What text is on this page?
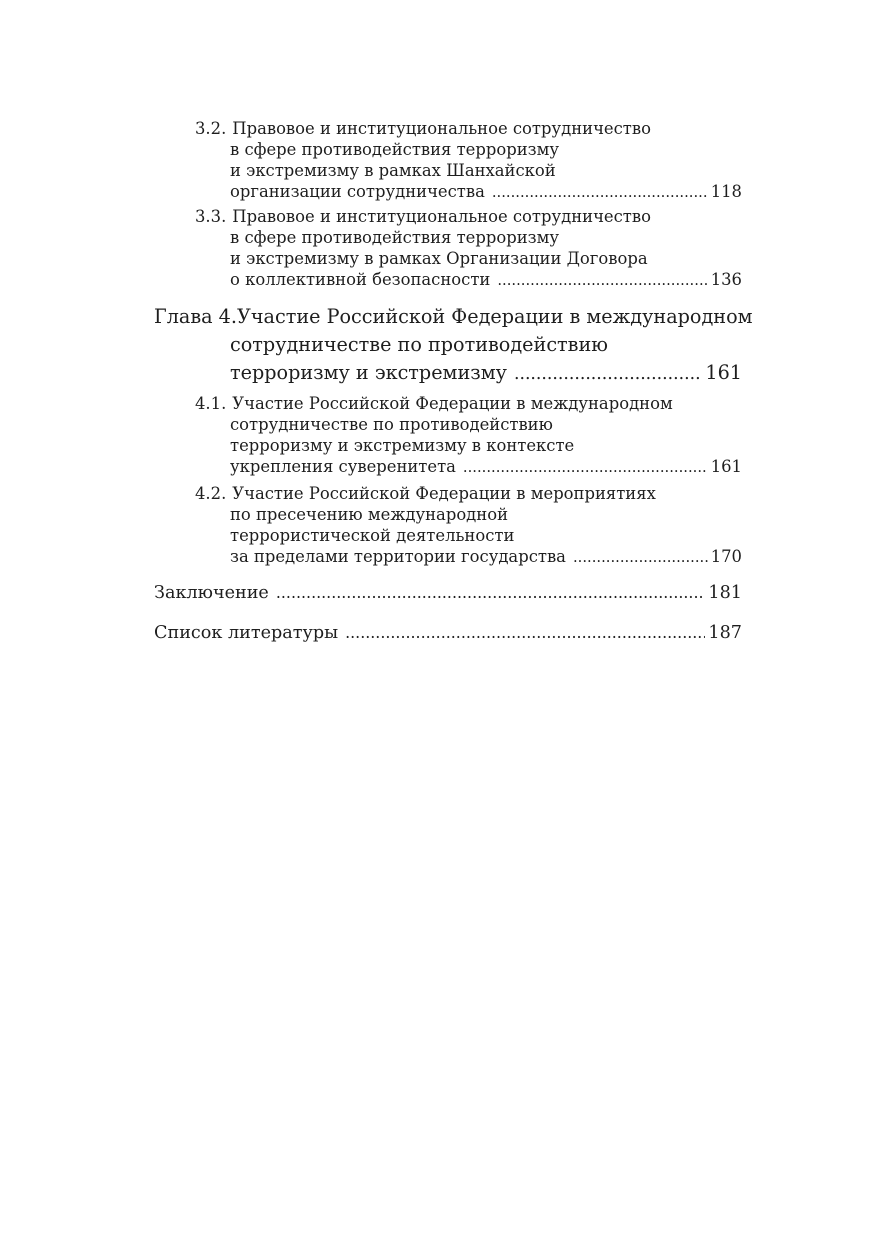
3.2. Правовое и институциональное сотрудничество
в сфере противодействия терроризму
и экстремизму в рамках Шанхайской
организации сотрудничества .....	118
3.3. Правовое и институциональное сотрудничество
в сфере противодействия терроризму
и экстремизму в рамках Организации Договора
о коллективной безопасности .....	136
Глава 4. Участие Российской Федерации в международном
сотрудничестве по противодействию
терроризму и экстремизму .....	161
4.1. Участие Российской Федерации в международном
сотрудничестве по противодействию
терроризму и экстремизму в контексте
укрепления суверенитета .....	161
4.2. Участие Российской Федерации в мероприятиях
по пресечению международной
террористической деятельности
за пределами территории государства .....	170
Заключение .....	181
Список литературы .....	187
